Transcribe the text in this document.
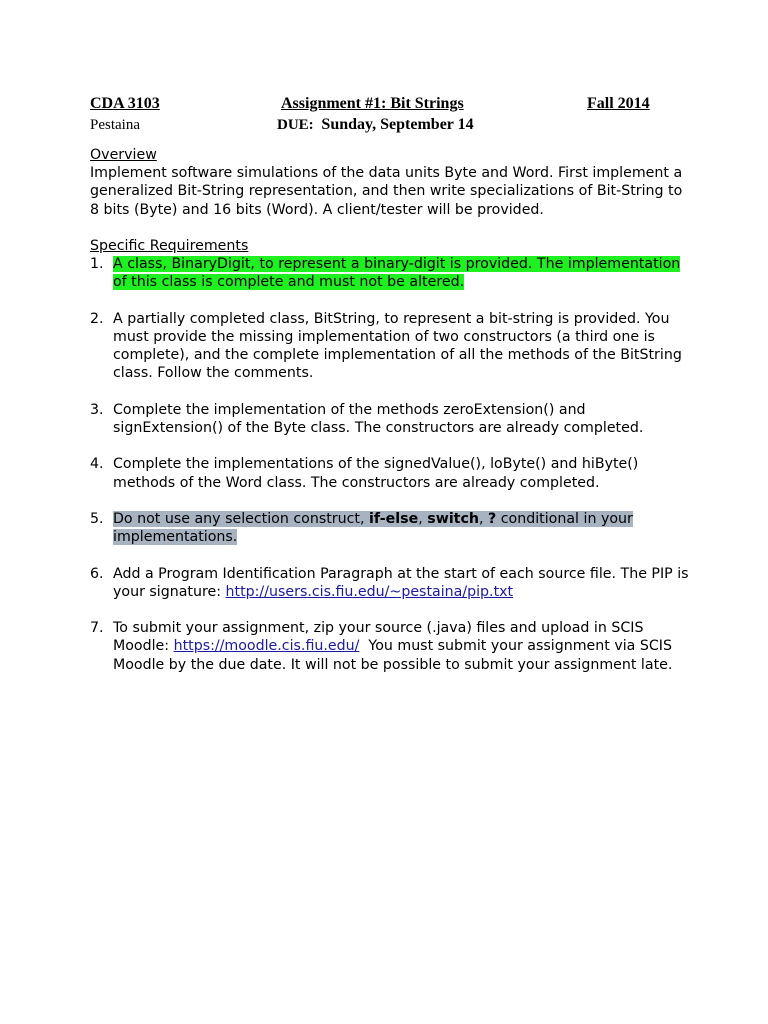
CDA 3103	Assignment #1: Bit Strings	Fall 2014
Pestaina	DUE: Sunday, September 14
Overview
Implement software simulations of the data units Byte and Word. First implement a generalized Bit-String representation, and then write specializations of Bit-String to 8 bits (Byte) and 16 bits (Word). A client/tester will be provided.
Specific Requirements
1. A class, BinaryDigit, to represent a binary-digit is provided. The implementation of this class is complete and must not be altered.
2. A partially completed class, BitString, to represent a bit-string is provided. You must provide the missing implementation of two constructors (a third one is complete), and the complete implementation of all the methods of the BitString class. Follow the comments.
3. Complete the implementation of the methods zeroExtension() and signExtension() of the Byte class. The constructors are already completed.
4. Complete the implementations of the signedValue(), loByte() and hiByte() methods of the Word class. The constructors are already completed.
5. Do not use any selection construct, if-else, switch, ? conditional in your implementations.
6. Add a Program Identification Paragraph at the start of each source file. The PIP is your signature: http://users.cis.fiu.edu/~pestaina/pip.txt
7. To submit your assignment, zip your source (.java) files and upload in SCIS Moodle: https://moodle.cis.fiu.edu/  You must submit your assignment via SCIS Moodle by the due date. It will not be possible to submit your assignment late.
